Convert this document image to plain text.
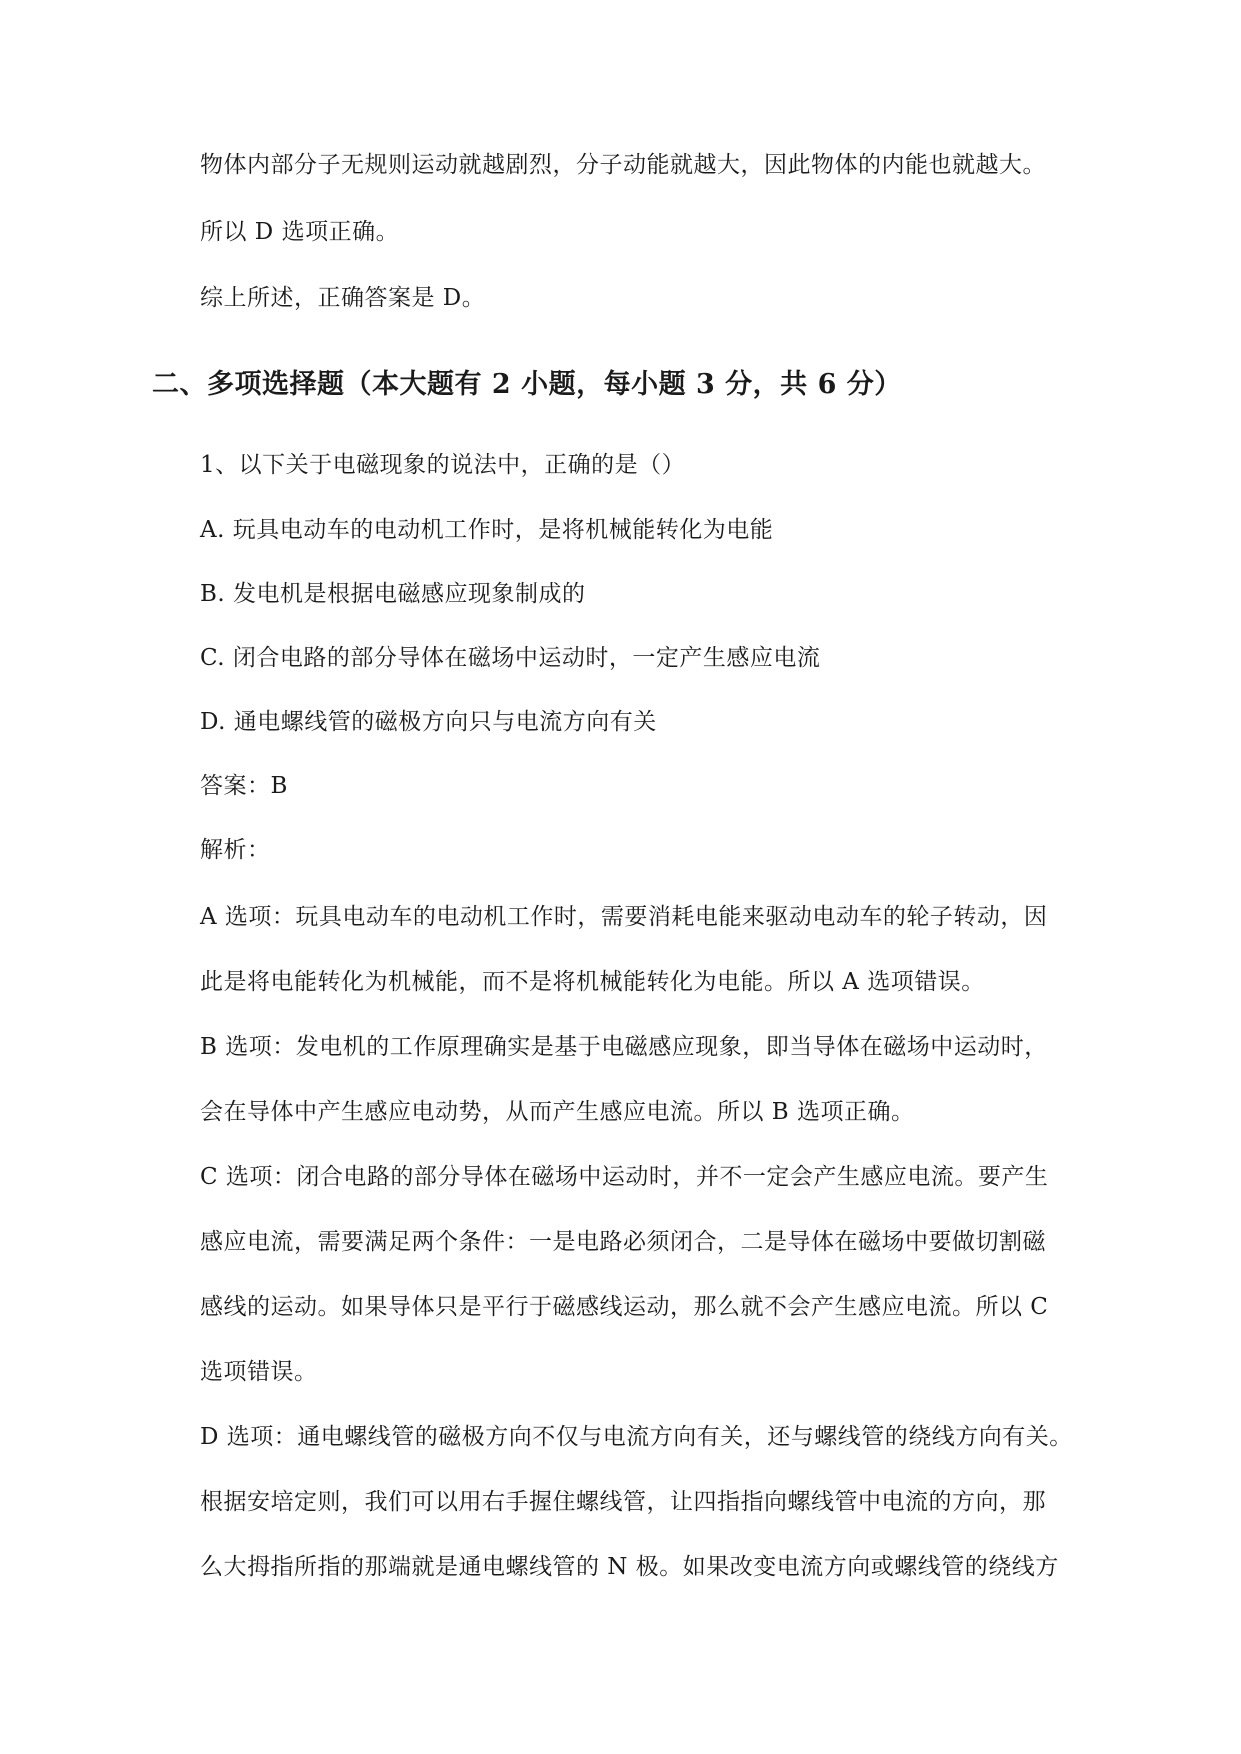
物体内部分子无规则运动就越剧烈，分子动能就越大，因此物体的内能也就越大。
所以 D 选项正确。
综上所述，正确答案是 D。
二、多项选择题（本大题有 2 小题，每小题 3 分，共 6 分）
1、以下关于电磁现象的说法中，正确的是（）
A. 玩具电动车的电动机工作时，是将机械能转化为电能
B. 发电机是根据电磁感应现象制成的
C. 闭合电路的部分导体在磁场中运动时，一定产生感应电流
D. 通电螺线管的磁极方向只与电流方向有关
答案：B
解析：
A 选项：玩具电动车的电动机工作时，需要消耗电能来驱动电动车的轮子转动，因
此是将电能转化为机械能，而不是将机械能转化为电能。所以 A 选项错误。
B 选项：发电机的工作原理确实是基于电磁感应现象，即当导体在磁场中运动时，
会在导体中产生感应电动势，从而产生感应电流。所以 B 选项正确。
C 选项：闭合电路的部分导体在磁场中运动时，并不一定会产生感应电流。要产生
感应电流，需要满足两个条件：一是电路必须闭合，二是导体在磁场中要做切割磁
感线的运动。如果导体只是平行于磁感线运动，那么就不会产生感应电流。所以 C
选项错误。
D 选项：通电螺线管的磁极方向不仅与电流方向有关，还与螺线管的绕线方向有关。
根据安培定则，我们可以用右手握住螺线管，让四指指向螺线管中电流的方向，那
么大拇指所指的那端就是通电螺线管的 N 极。如果改变电流方向或螺线管的绕线方
